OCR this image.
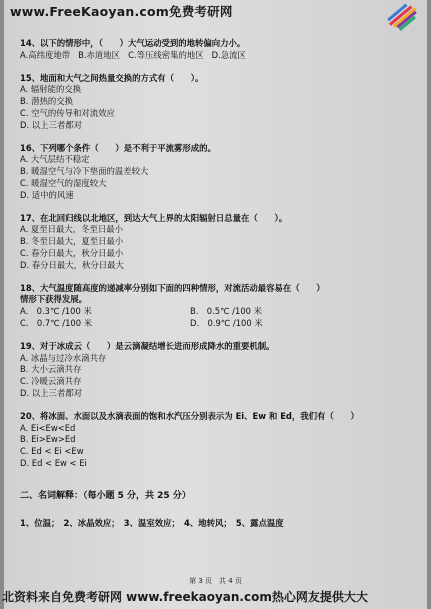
www.FreeKaoyan.com免费考研网
14、以下的情形中，（　　）大气运动受到的地转偏向力小。
A.高纬度地带 B.赤道地区 C.等压线密集的地区 D.急流区
15、地面和大气之间热量交换的方式有（　　）。
A. 辐射能的交换
B. 潜热的交换
C. 空气的传导和对流效应
D. 以上三者都对
16、下列哪个条件（　　）是不利于平流雾形成的。
A. 大气层结不稳定
B. 暖湿空气与冷下垫面的温差较大
C. 暖湿空气的湿度较大
D. 适中的风速
17、在北回归线以北地区，到达大气上界的太阳辐射日总量在（　　）。
A. 夏至日最大，冬至日最小
B. 冬至日最大，夏至日最小
C. 春分日最大，秋分日最小
D. 春分日最大，秋分日最大
18、大气温度随高度的递减率分别如下面的四种情形，对流活动最容易在（　　）
情形下获得发展。
A.　0.3℃ /100 米	B.　0.5℃ /100 米
C.　0.7℃ /100 米	D.　0.9℃ /100 米
19、对于冰成云（　　）是云滴凝结增长进而形成降水的重要机制。
A. 冰晶与过冷水滴共存
B. 大小云滴共存
C. 冷暖云滴共存
D. 以上三者都对
20、将冰面、水面以及水滴表面的饱和水汽压分别表示为 Ei、Ew 和 Ed，我们有（　　）
A. Ei<Ew<Ed
B. Ei>Ew>Ed
C. Ed < Ei <Ew
D. Ed < Ew < Ei
二、名词解释：（每小题 5 分，共 25 分）
1、位温；　2、冰晶效应；　3、温室效应；　4、地转风；　5、露点温度
第 3 页　共 4 页
北资料来自免费考研网 www.freekaoyan.com热心网友提供大大
